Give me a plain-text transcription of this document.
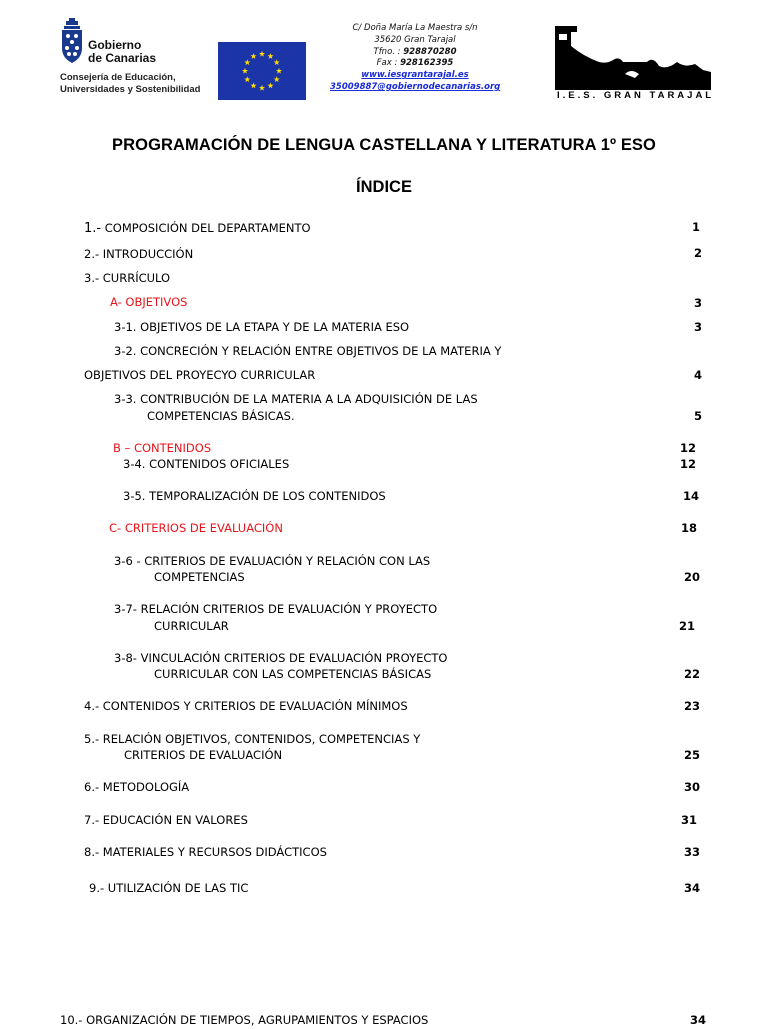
Gobierno
de Canarias
Consejería de Educación,
Universidades y Sostenibilidad
C/ Doña María La Maestra s/n
35620 Gran Tarajal
Tfno. : 928870280
Fax : 928162395
www.iesgrantarajal.es
35009887@gobiernodecanarias.org
I.E.S. GRAN TARAJAL
PROGRAMACIÓN DE LENGUA CASTELLANA Y LITERATURA 1º ESO
ÍNDICE
1.- COMPOSICIÓN DEL DEPARTAMENTO	1
2.- INTRODUCCIÓN	2
3.- CURRÍCULO
A- OBJETIVOS	3
3-1. OBJETIVOS DE LA ETAPA Y DE LA MATERIA ESO	3
3-2. CONCRECIÓN Y RELACIÓN ENTRE OBJETIVOS DE LA MATERIA Y
OBJETIVOS DEL PROYECYO CURRICULAR	4
3-3. CONTRIBUCIÓN DE LA MATERIA A LA ADQUISICIÓN DE LAS
COMPETENCIAS BÁSICAS.	5
B – CONTENIDOS	12
3-4. CONTENIDOS OFICIALES	12
3-5. TEMPORALIZACIÓN DE LOS CONTENIDOS	14
C- CRITERIOS DE EVALUACIÓN	18
3-6 - CRITERIOS DE EVALUACIÓN Y RELACIÓN CON LAS
COMPETENCIAS	20
3-7- RELACIÓN CRITERIOS DE EVALUACIÓN Y PROYECTO
CURRICULAR	21
3-8- VINCULACIÓN CRITERIOS DE EVALUACIÓN PROYECTO
CURRICULAR CON LAS COMPETENCIAS BÁSICAS	22
4.- CONTENIDOS Y CRITERIOS DE EVALUACIÓN MÍNIMOS	23
5.- RELACIÓN OBJETIVOS, CONTENIDOS, COMPETENCIAS Y
CRITERIOS DE EVALUACIÓN	25
6.- METODOLOGÍA	30
7.- EDUCACIÓN EN VALORES	31
8.- MATERIALES Y RECURSOS DIDÁCTICOS	33
9.- UTILIZACIÓN DE LAS TIC	34
10.- ORGANIZACIÓN DE TIEMPOS, AGRUPAMIENTOS Y ESPACIOS	34
